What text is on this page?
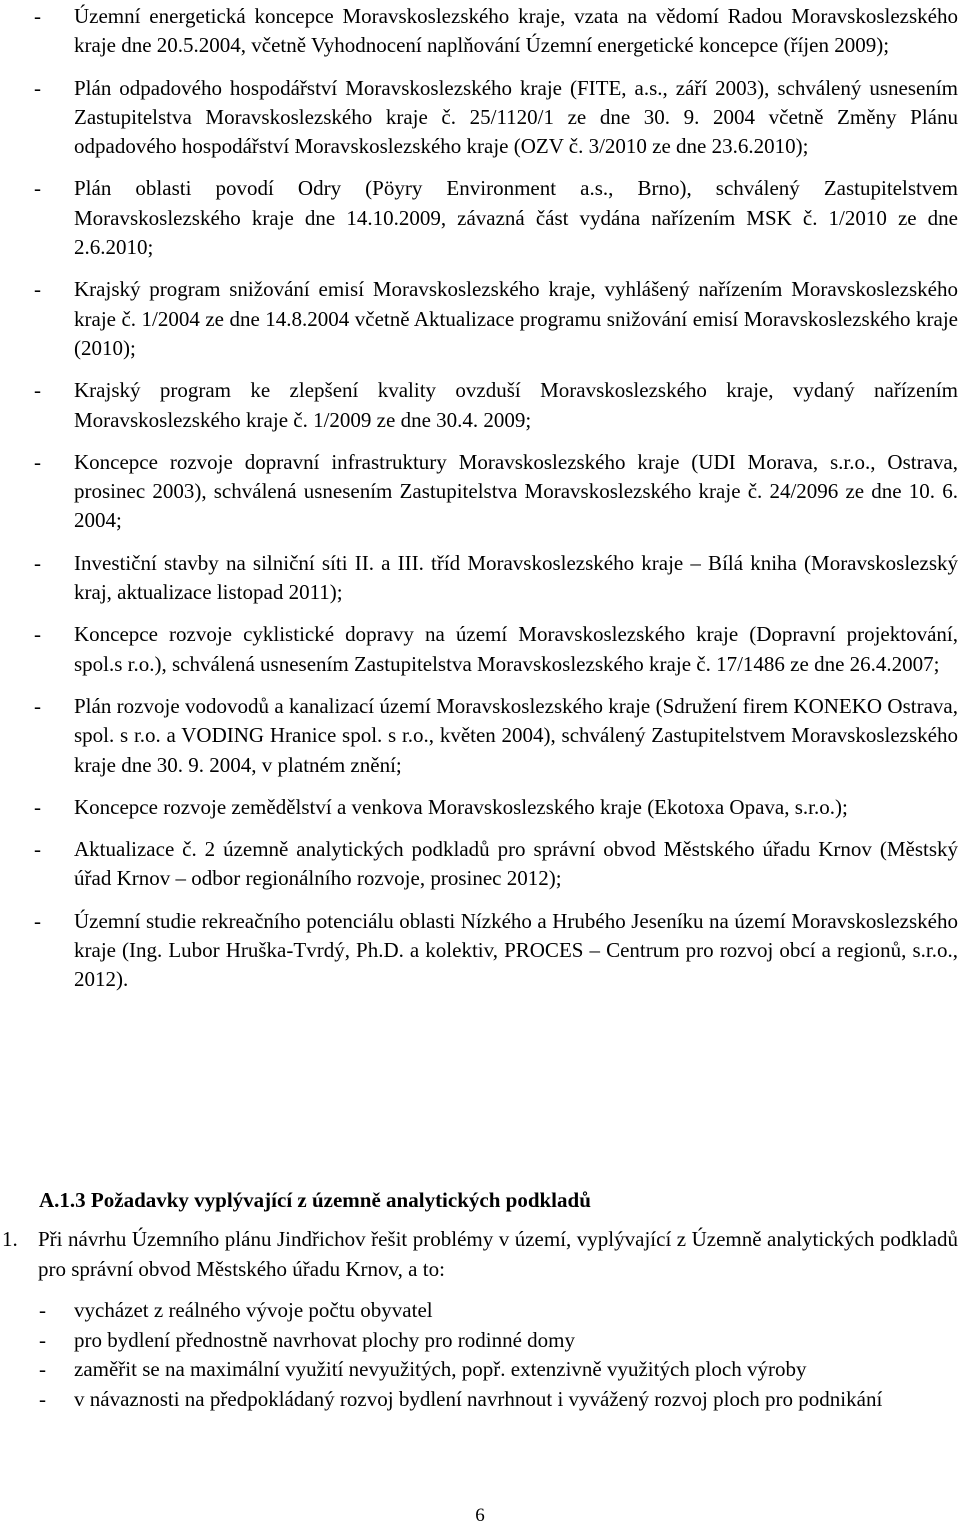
-	Územní energetická koncepce Moravskoslezského kraje, vzata na vědomí Radou Moravskoslezského kraje dne 20.5.2004, včetně Vyhodnocení naplňování Územní energetické koncepce (říjen 2009);
-	Plán odpadového hospodářství Moravskoslezského kraje (FITE, a.s., září 2003), schválený usnesením Zastupitelstva Moravskoslezského kraje č. 25/1120/1 ze dne 30. 9. 2004 včetně Změny Plánu odpadového hospodářství Moravskoslezského kraje (OZV č. 3/2010 ze dne 23.6.2010);
-	Plán oblasti povodí Odry (Pöyry Environment a.s., Brno), schválený Zastupitelstvem Moravskoslezského kraje dne 14.10.2009, závazná část vydána nařízením MSK č. 1/2010 ze dne 2.6.2010;
-	Krajský program snižování emisí Moravskoslezského kraje, vyhlášený nařízením Moravskoslezského kraje č. 1/2004 ze dne 14.8.2004 včetně Aktualizace programu snižování emisí Moravskoslezského kraje (2010);
-	Krajský program ke zlepšení kvality ovzduší Moravskoslezského kraje, vydaný nařízením Moravskoslezského kraje č. 1/2009 ze dne 30.4. 2009;
-	Koncepce rozvoje dopravní infrastruktury Moravskoslezského kraje (UDI Morava, s.r.o., Ostrava, prosinec 2003), schválená usnesením Zastupitelstva Moravskoslezského kraje č. 24/2096 ze dne 10. 6. 2004;
-	Investiční stavby na silniční síti II. a III. tříd Moravskoslezského kraje – Bílá kniha (Moravskoslezský kraj, aktualizace listopad 2011);
-	Koncepce rozvoje cyklistické dopravy na území Moravskoslezského kraje (Dopravní projektování, spol.s r.o.), schválená usnesením Zastupitelstva Moravskoslezského kraje č. 17/1486 ze dne 26.4.2007;
-	Plán rozvoje vodovodů a kanalizací území Moravskoslezského kraje (Sdružení firem KONEKO Ostrava, spol. s r.o. a VODING Hranice spol. s r.o., květen 2004), schválený Zastupitelstvem Moravskoslezského kraje dne 30. 9. 2004, v platném znění;
-	Koncepce rozvoje zemědělství a venkova Moravskoslezského kraje (Ekotoxa Opava, s.r.o.);
-	Aktualizace č. 2 územně analytických podkladů pro správní obvod Městského úřadu Krnov (Městský úřad Krnov – odbor regionálního rozvoje, prosinec 2012);
-	Územní studie rekreačního potenciálu oblasti Nízkého a Hrubého Jeseníku na území Moravskoslezského kraje (Ing. Lubor Hruška-Tvrdý, Ph.D. a kolektiv, PROCES – Centrum pro rozvoj obcí a regionů, s.r.o., 2012).
A.1.3 Požadavky vyplývající z územně analytických podkladů
1. Při návrhu Územního plánu Jindřichov řešit problémy v území, vyplývající z Územně analytických podkladů pro správní obvod Městského úřadu Krnov, a to:
-	vycházet z reálného vývoje počtu obyvatel
-	pro bydlení přednostně navrhovat plochy pro rodinné domy
-	zaměřit se na maximální využití nevyužitých, popř. extenzivně využitých ploch výroby
-	v návaznosti na předpokládaný rozvoj bydlení navrhnout i vyvážený rozvoj ploch pro podnikání
6
